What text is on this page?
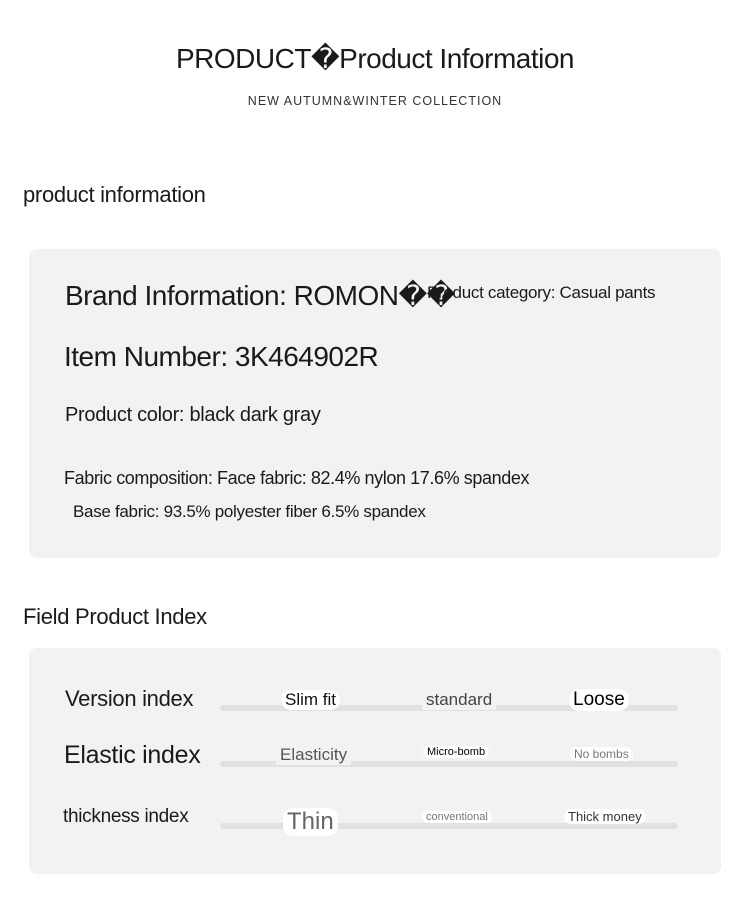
PRODUCT�Product Information
NEW AUTUMN&WINTER COLLECTION
product information
Brand Information: ROMON��
Product category: Casual pants
Item Number: 3K464902R
Product color: black dark gray
Fabric composition: Face fabric: 82.4% nylon 17.6% spandex
Base fabric: 93.5% polyester fiber 6.5% spandex
Field Product Index
Version index	Slim fit	standard	Loose
Elastic index	Elasticity	Micro-bomb	No bombs
thickness index	Thin	conventional	Thick money
